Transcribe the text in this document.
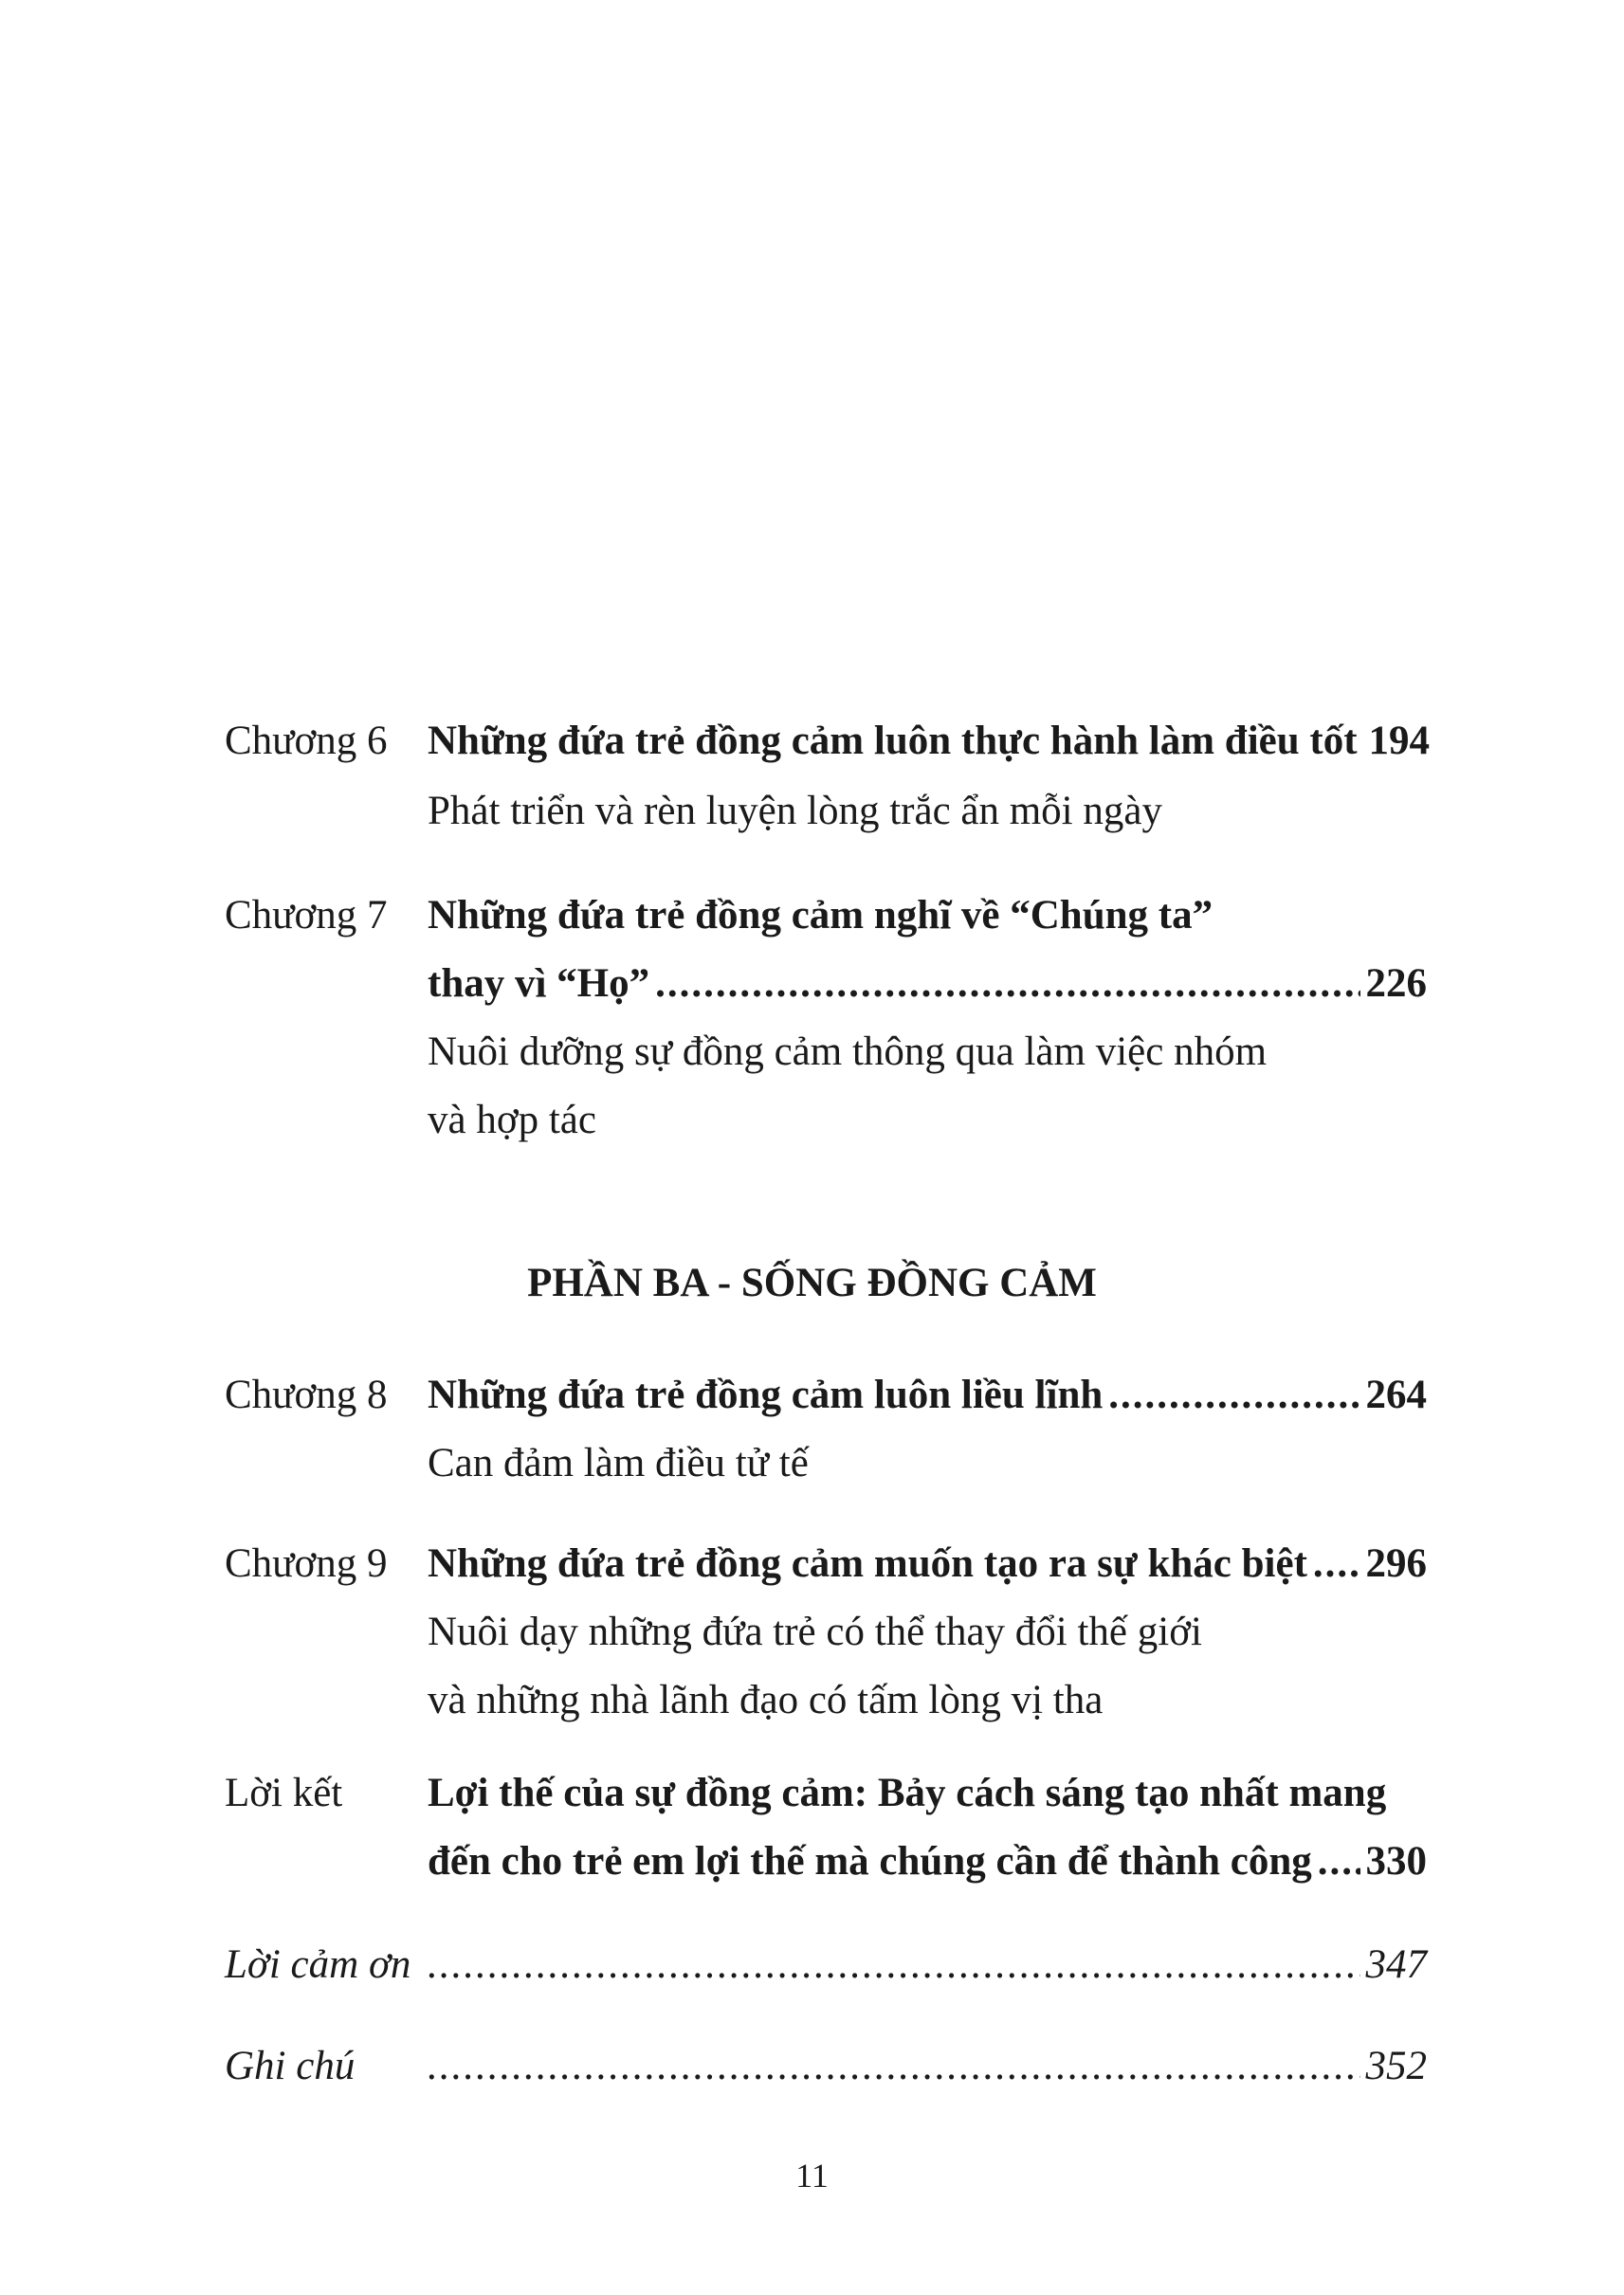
Chương 6 Những đứa trẻ đồng cảm luôn thực hành làm điều tốt 194
Phát triển và rèn luyện lòng trắc ẩn mỗi ngày
Chương 7 Những đứa trẻ đồng cảm nghĩ về “Chúng ta”
thay vì “Họ” .....	226
Nuôi dưỡng sự đồng cảm thông qua làm việc nhóm
và hợp tác
PHẦN BA - SỐNG ĐỒNG CẢM
Chương 8 Những đứa trẻ đồng cảm luôn liều lĩnh .....	264
Can đảm làm điều tử tế
Chương 9 Những đứa trẻ đồng cảm muốn tạo ra sự khác biệt ..... 296
Nuôi dạy những đứa trẻ có thể thay đổi thế giới
và những nhà lãnh đạo có tấm lòng vị tha
Lời kết Lợi thế của sự đồng cảm: Bảy cách sáng tạo nhất mang
đến cho trẻ em lợi thế mà chúng cần để thành công ..... 330
Lời cảm ơn .....	347
Ghi chú .....	352
11
